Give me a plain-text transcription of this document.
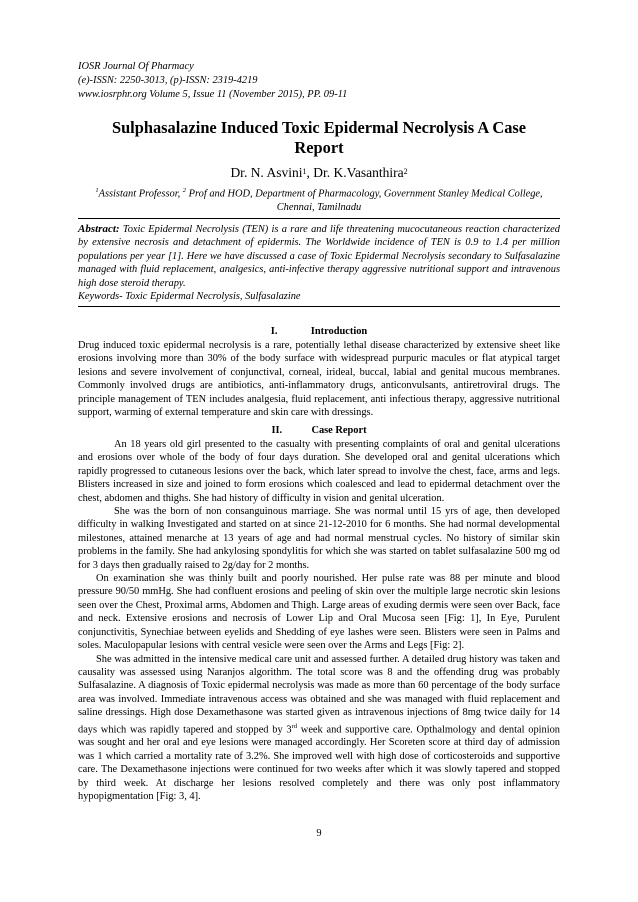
IOSR Journal Of Pharmacy
(e)-ISSN: 2250-3013, (p)-ISSN: 2319-4219
www.iosrphr.org Volume 5, Issue 11 (November 2015), PP. 09-11
Sulphasalazine Induced Toxic Epidermal Necrolysis A Case
Report
Dr. N. Asvini$^1$, Dr. K.Vasanthira$^2$
$^1$Assistant Professor, $^2$ Prof and HOD, Department of Pharmacology, Government Stanley Medical College,
Chennai, Tamilnadu
Abstract: Toxic Epidermal Necrolysis (TEN) is a rare and life threatening mucocutaneous reaction characterized by extensive necrosis and detachment of epidermis. The Worldwide incidence of TEN is 0.9 to 1.4 per million populations per year [1]. Here we have discussed a case of Toxic Epidermal Necrolysis secondary to Sulfasalazine managed with fluid replacement, analgesics, anti-infective therapy aggressive nutritional support and intravenous high dose steroid therapy.
Keywords- Toxic Epidermal Necrolysis, Sulfasalazine
I.	Introduction

Drug induced toxic epidermal necrolysis is a rare, potentially lethal disease characterized by extensive sheet like erosions involving more than 30% of the body surface with widespread purpuric macules or flat atypical target lesions and severe involvement of conjunctival, corneal, irideal, buccal, labial and genital mucous membranes. Commonly involved drugs are antibiotics, anti-inflammatory drugs, anticonvulsants, antiretroviral drugs. The principle management of TEN includes analgesia, fluid replacement, anti infectious therapy, aggressive nutritional support, warming of external temperature and skin care with dressings.

II.	Case Report

An 18 years old girl presented to the casualty with presenting complaints of oral and genital ulcerations and erosions over whole of the body of four days duration. She developed oral and genital ulcerations which rapidly progressed to cutaneous lesions over the back, which later spread to involve the chest, face, arms and legs. Blisters increased in size and joined to form erosions which coalesced and lead to epidermal detachment over the chest, abdomen and thighs. She had history of difficulty in vision and genital ulceration.

She was the born of non consanguinous marriage. She was normal until 15 yrs of age, then developed difficulty in walking Investigated and started on at since 21-12-2010 for 6 months. She had normal developmental milestones, attained menarche at 13 years of age and had normal menstrual cycles. No history of similar skin problems in the family. She had ankylosing spondylitis for which she was started on tablet sulfasalazine 500 mg od for 3 days then gradually raised to 2g/day for 2 months.

On examination she was thinly built and poorly nourished. Her pulse rate was 88 per minute and blood pressure 90/50 mmHg. She had confluent erosions and peeling of skin over the multiple large necrotic skin lesions seen over the Chest, Proximal arms, Abdomen and Thigh. Large areas of exuding dermis were seen over Back, face and neck. Extensive erosions and necrosis of Lower Lip and Oral Mucosa seen [Fig: 1], In Eye, Purulent conjunctivitis, Synechiae between eyelids and Shedding of eye lashes were seen. Blisters were seen in Palms and soles. Maculopapular lesions with central vesicle were seen over the Arms and Legs [Fig: 2].

She was admitted in the intensive medical care unit and assessed further. A detailed drug history was taken and causality was assessed using Naranjos algorithm. The total score was 8 and the offending drug was probably Sulfasalazine. A diagnosis of Toxic epidermal necrolysis was made as more than 60 percentage of the body surface area was involved. Immediate intravenous access was obtained and she was managed with fluid replacement and saline dressings. High dose Dexamethasone was started given as intravenous injections of 8mg twice daily for 14 days which was rapidly tapered and stopped by 3rd week and supportive care. Opthalmology and dental opinion was sought and her oral and eye lesions were managed accordingly. Her Scoreten score at third day of admission was 1 which carried a mortality rate of 3.2%. She improved well with high dose of corticosteroids and supportive care. The Dexamethasone injections were continued for two weeks after which it was slowly tapered and stopped by third week. At discharge her lesions resolved completely and there was only post inflammatory hypopigmentation [Fig: 3, 4].

9
